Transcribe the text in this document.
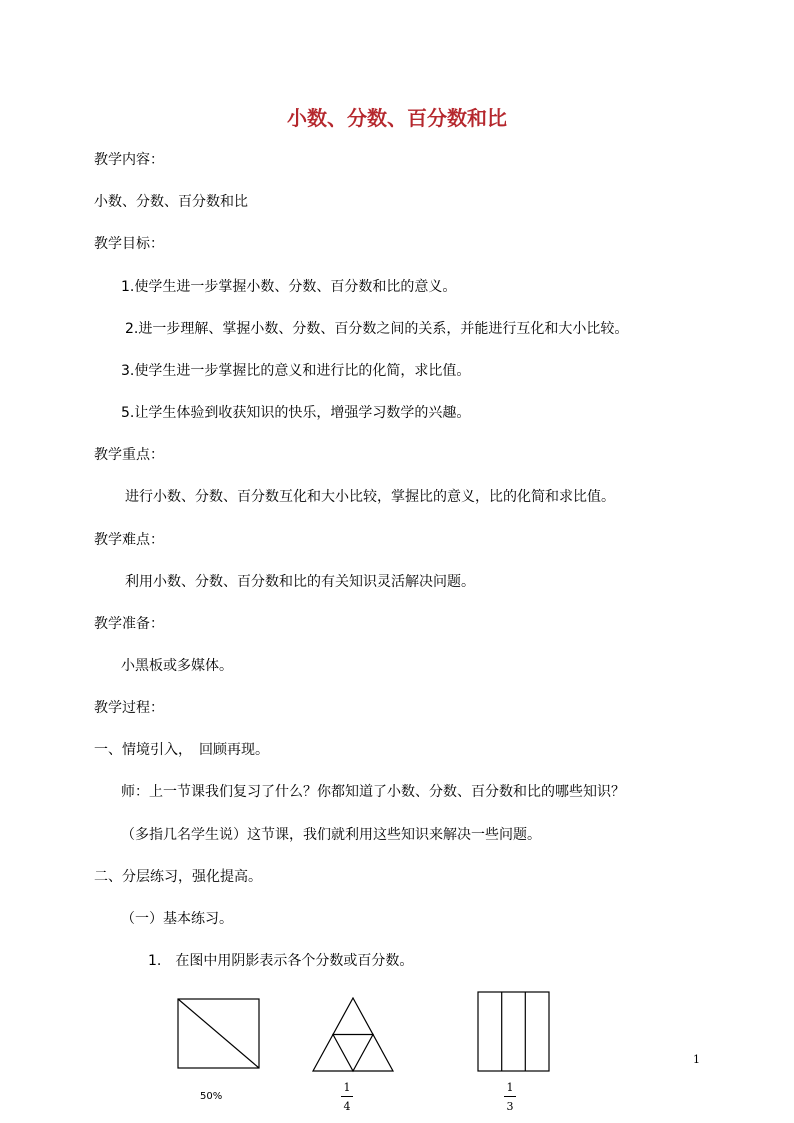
小数、分数、百分数和比
教学内容：
小数、分数、百分数和比
教学目标：
1.使学生进一步掌握小数、分数、百分数和比的意义。
2.进一步理解、掌握小数、分数、百分数之间的关系，并能进行互化和大小比较。
3.使学生进一步掌握比的意义和进行比的化简，求比值。
5.让学生体验到收获知识的快乐，增强学习数学的兴趣。
教学重点：
进行小数、分数、百分数互化和大小比较，掌握比的意义，比的化简和求比值。
教学难点：
利用小数、分数、百分数和比的有关知识灵活解决问题。
教学准备：
小黑板或多媒体。
教学过程：
一、情境引入，　回顾再现。
师：上一节课我们复习了什么？你都知道了小数、分数、百分数和比的哪些知识？
（多指几名学生说）这节课，我们就利用这些知识来解决一些问题。
二、分层练习，强化提高。
（一）基本练习。
1.　在图中用阴影表示各个分数或百分数。
50%
1
4
1
3
1
